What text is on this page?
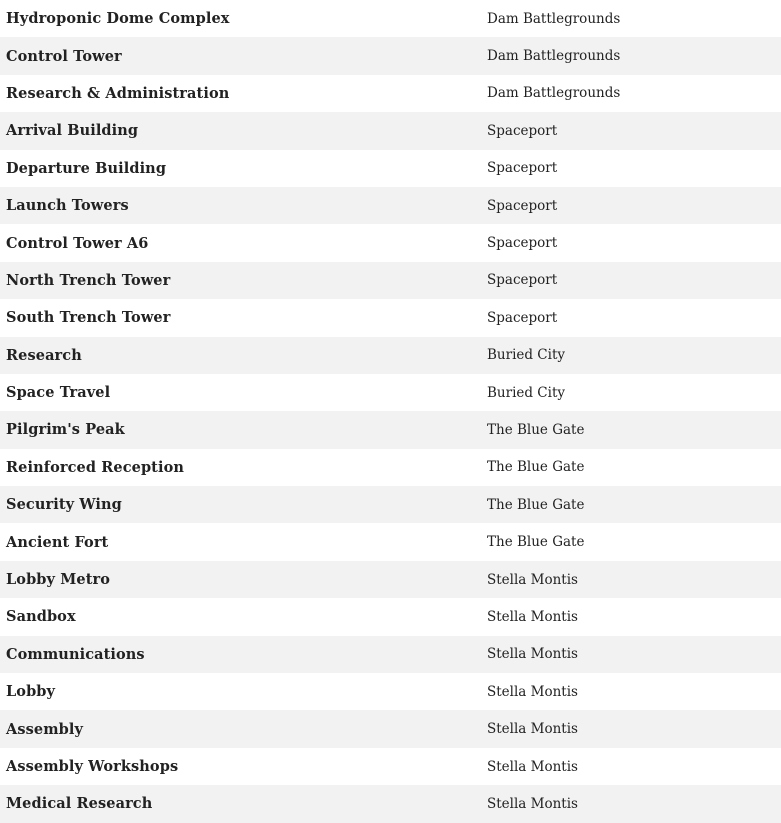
Hydroponic Dome Complex	Dam Battlegrounds
Control Tower	Dam Battlegrounds
Research & Administration	Dam Battlegrounds
Arrival Building	Spaceport
Departure Building	Spaceport
Launch Towers	Spaceport
Control Tower A6	Spaceport
North Trench Tower	Spaceport
South Trench Tower	Spaceport
Research	Buried City
Space Travel	Buried City
Pilgrim's Peak	The Blue Gate
Reinforced Reception	The Blue Gate
Security Wing	The Blue Gate
Ancient Fort	The Blue Gate
Lobby Metro	Stella Montis
Sandbox	Stella Montis
Communications	Stella Montis
Lobby	Stella Montis
Assembly	Stella Montis
Assembly Workshops	Stella Montis
Medical Research	Stella Montis
